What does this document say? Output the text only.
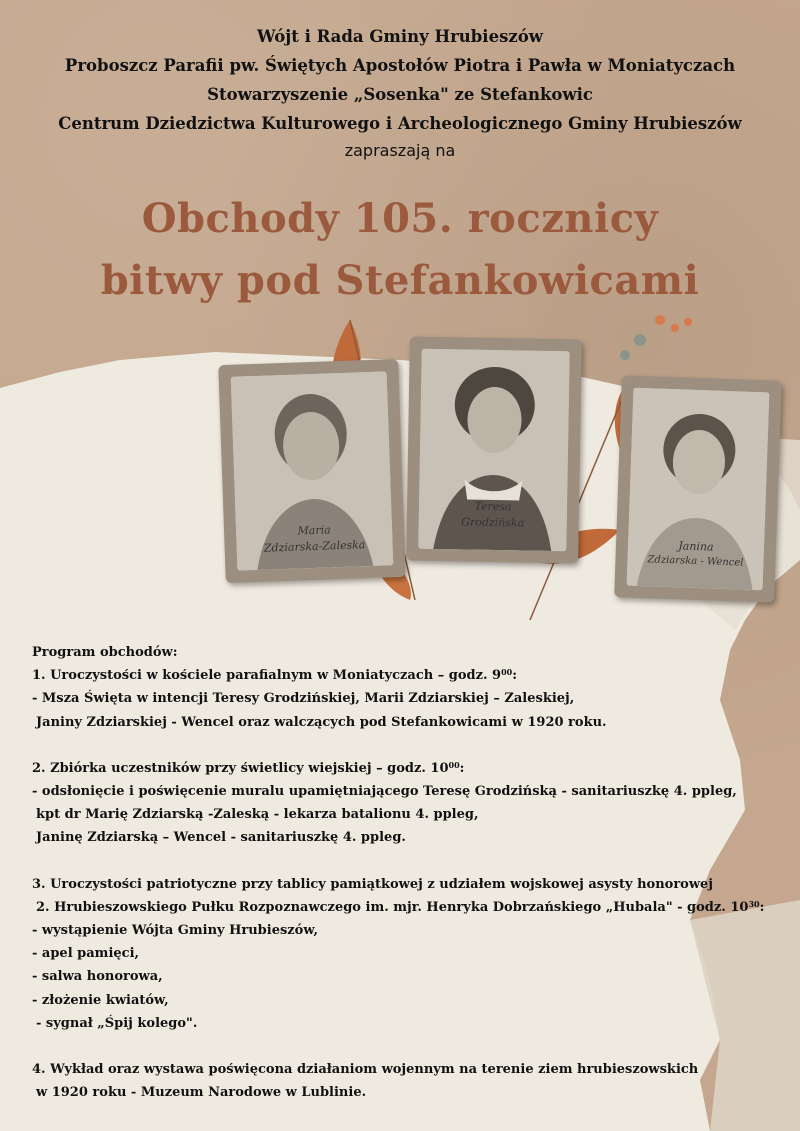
Wójt i Rada Gminy Hrubieszów

Proboszcz Parafii pw. Świętych Apostołów Piotra i Pawła w Moniatyczach

Stowarzyszenie „Sosenka" ze Stefankowic

Centrum Dziedzictwa Kulturowego i Archeologicznego Gminy Hrubieszów

zapraszają na
Obchody 105. rocznicy
bitwy pod Stefankowicami
Maria
Zdziarska-Zaleska
Teresa
Grodzińska
Janina
Zdziarska - Wencel

Program obchodów:

1. Uroczystości w kościele parafialnym w Moniatyczach – godz. $9^{00}$:

- Msza Święta w intencji Teresy Grodzińskiej, Marii Zdziarskiej – Zaleskiej,

Janiny Zdziarskiej - Wencel oraz walczących pod Stefankowicami w 1920 roku.

2. Zbiórka uczestników przy świetlicy wiejskiej – godz. $10^{00}$:

- odsłonięcie i poświęcenie muralu upamiętniającego Teresę Grodzińską - sanitariuszkę 4. ppleg,

kpt dr Marię Zdziarską -Zaleską - lekarza batalionu 4. ppleg,

Janinę Zdziarską – Wencel - sanitariuszkę 4. ppleg.

3. Uroczystości patriotyczne przy tablicy pamiątkowej z udziałem wojskowej asysty honorowej

2. Hrubieszowskiego Pułku Rozpoznawczego im. mjr. Henryka Dobrzańskiego „Hubala" - godz. $10^{30}$:

- wystąpienie Wójta Gminy Hrubieszów,

- apel pamięci,

- salwa honorowa,

- złożenie kwiatów,

- sygnał „Śpij kolego".

4. Wykład oraz wystawa poświęcona działaniom wojennym na terenie ziem hrubieszowskich

w 1920 roku - Muzeum Narodowe w Lublinie.
